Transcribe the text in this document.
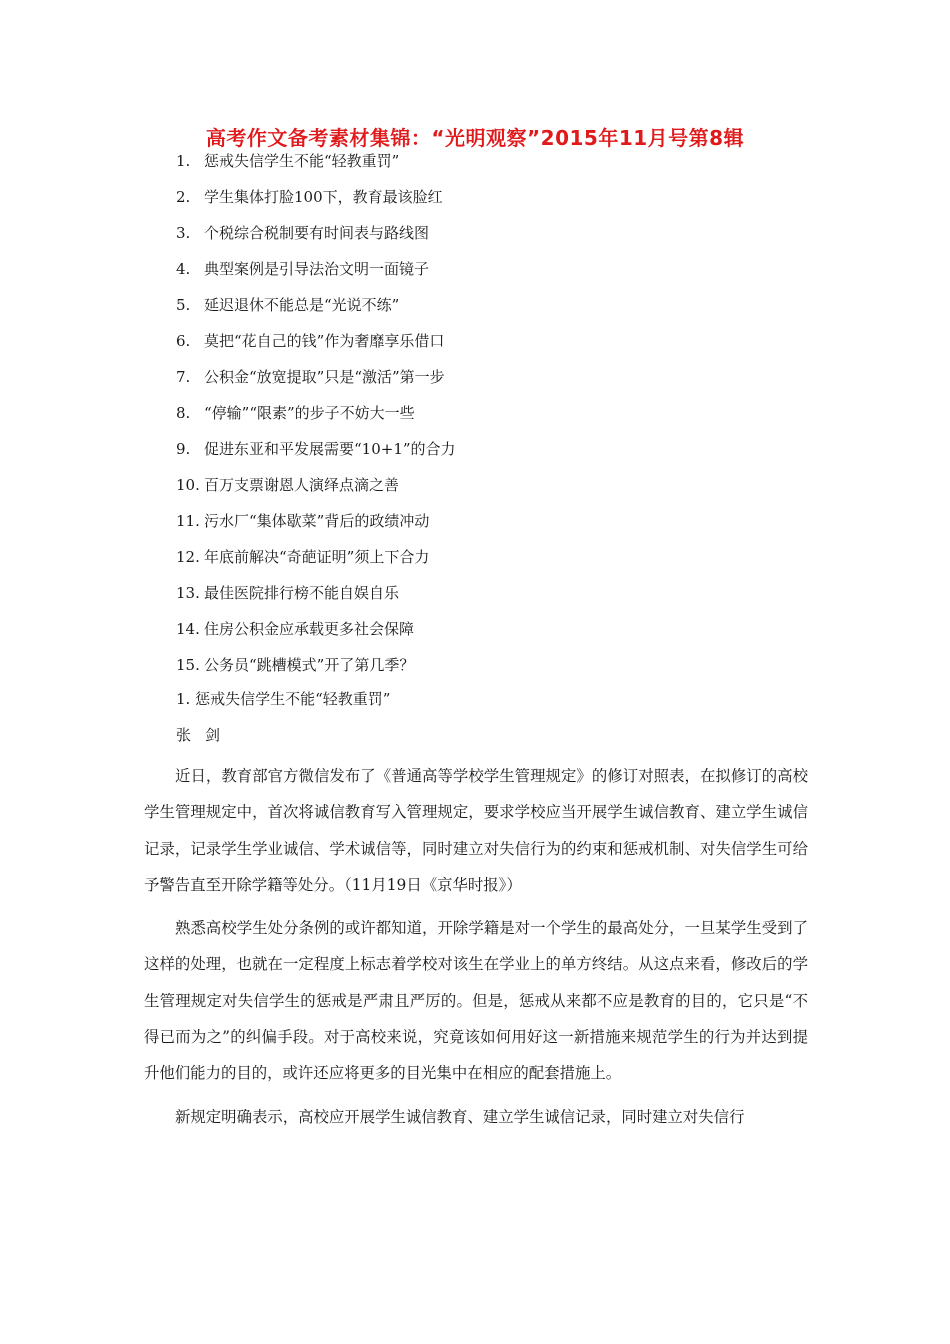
高考作文备考素材集锦：“光明观察”2015年11月号第8辑
1. 惩戒失信学生不能“轻教重罚”
2. 学生集体打脸100下，教育最该脸红
3. 个税综合税制要有时间表与路线图
4. 典型案例是引导法治文明一面镜子
5. 延迟退休不能总是“光说不练”
6. 莫把“花自己的钱”作为奢靡享乐借口
7. 公积金“放宽提取”只是“激活”第一步
8. “停输”“限素”的步子不妨大一些
9. 促进东亚和平发展需要“10+1”的合力
10. 百万支票谢恩人演绎点滴之善
11. 污水厂“集体歇菜”背后的政绩冲动
12. 年底前解决“奇葩证明”须上下合力
13. 最佳医院排行榜不能自娱自乐
14. 住房公积金应承载更多社会保障
15. 公务员“跳槽模式”开了第几季？
1. 惩戒失信学生不能“轻教重罚”
张剑

近日，教育部官方微信发布了《普通高等学校学生管理规定》的修订对照表，在拟修订的高校学生管理规定中，首次将诚信教育写入管理规定，要求学校应当开展学生诚信教育、建立学生诚信记录，记录学生学业诚信、学术诚信等，同时建立对失信行为的约束和惩戒机制、对失信学生可给予警告直至开除学籍等处分。（11月19日《京华时报》）

熟悉高校学生处分条例的或许都知道，开除学籍是对一个学生的最高处分，一旦某学生受到了这样的处理，也就在一定程度上标志着学校对该生在学业上的单方终结。从这点来看，修改后的学生管理规定对失信学生的惩戒是严肃且严厉的。但是，惩戒从来都不应是教育的目的，它只是“不得已而为之”的纠偏手段。对于高校来说，究竟该如何用好这一新措施来规范学生的行为并达到提升他们能力的目的，或许还应将更多的目光集中在相应的配套措施上。

新规定明确表示，高校应开展学生诚信教育、建立学生诚信记录，同时建立对失信行
